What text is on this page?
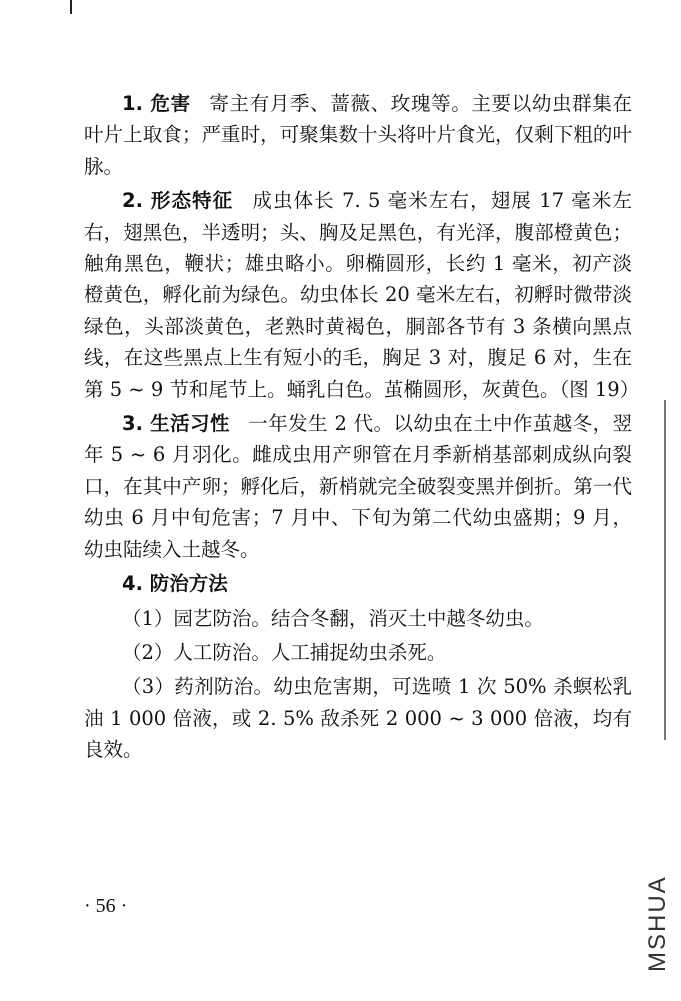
1. 危害 寄主有月季、蔷薇、玫瑰等。主要以幼虫群集在叶片上取食；严重时，可聚集数十头将叶片食光，仅剩下粗的叶脉。

2. 形态特征 成虫体长 7. 5 毫米左右，翅展 17 毫米左右，翅黑色，半透明；头、胸及足黑色，有光泽，腹部橙黄色；触角黑色，鞭状；雄虫略小。卵椭圆形，长约 1 毫米，初产淡橙黄色，孵化前为绿色。幼虫体长 20 毫米左右，初孵时微带淡绿色，头部淡黄色，老熟时黄褐色，胴部各节有 3 条横向黑点线，在这些黑点上生有短小的毛，胸足 3 对，腹足 6 对，生在第 5 ~ 9 节和尾节上。蛹乳白色。茧椭圆形，灰黄色。（图 19）

3. 生活习性 一年发生 2 代。以幼虫在土中作茧越冬，翌年 5 ~ 6 月羽化。雌成虫用产卵管在月季新梢基部刺成纵向裂口，在其中产卵；孵化后，新梢就完全破裂变黑并倒折。第一代幼虫 6 月中旬危害；7 月中、下旬为第二代幼虫盛期；9 月，幼虫陆续入土越冬。

4. 防治方法

（1）园艺防治。结合冬翻，消灭土中越冬幼虫。

（2）人工防治。人工捕捉幼虫杀死。

（3）药剂防治。幼虫危害期，可选喷 1 次 50% 杀螟松乳油 1 000 倍液，或 2. 5% 敌杀死 2 000 ~ 3 000 倍液，均有良效。

· 56 ·	MSHUA
